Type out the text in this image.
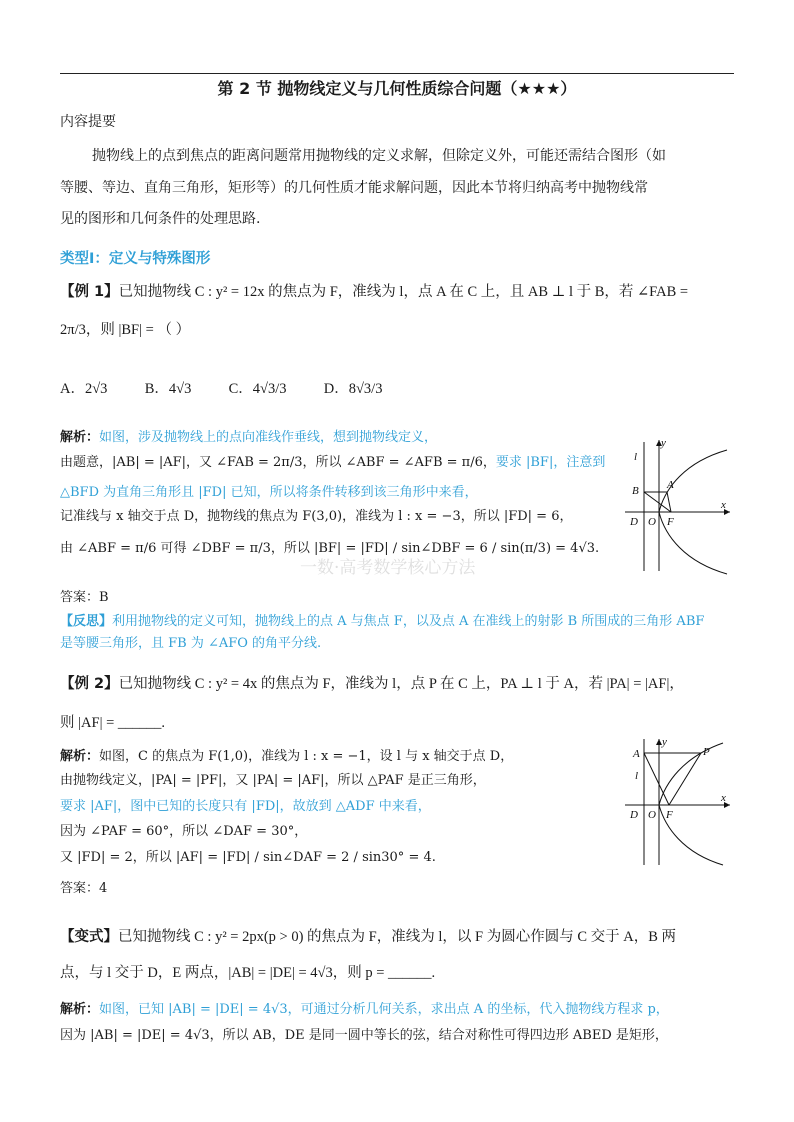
第 2 节 抛物线定义与几何性质综合问题（★★★）
内容提要
抛物线上的点到焦点的距离问题常用抛物线的定义求解，但除定义外，可能还需结合图形（如
等腰、等边、直角三角形，矩形等）的几何性质才能求解问题，因此本节将归纳高考中抛物线常
见的图形和几何条件的处理思路.
类型Ⅰ：定义与特殊图形
【例 1】已知抛物线 C : y² = 12x 的焦点为 F，准线为 l，点 A 在 C 上，且 AB ⊥ l 于 B，若 ∠FAB =
2π/3，则 |BF| = （ ）
A．2√3	B．4√3	C．4√3/3	D．8√3/3
解析：如图，涉及抛物线上的点向准线作垂线，想到抛物线定义，
由题意，|AB| = |AF|，又 ∠FAB = 2π/3，所以 ∠ABF = ∠AFB = π/6，要求 |BF|，注意到
△BFD 为直角三角形且 |FD| 已知，所以将条件转移到该三角形中来看，
记准线与 x 轴交于点 D，抛物线的焦点为 F(3,0)，准线为 l : x = −3，所以 |FD| = 6，
由 ∠ABF = π/6 可得 ∠DBF = π/3，所以 |BF| = |FD| / sin∠DBF = 6 / sin(π/3) = 4√3.
一数·高考数学核心方法
答案：B
【反思】利用抛物线的定义可知，抛物线上的点 A 与焦点 F，以及点 A 在准线上的射影 B 所围成的三角形 ABF
是等腰三角形，且 FB 为 ∠AFO 的角平分线.
y
l
B	A
D O F
x
【例 2】已知抛物线 C : y² = 4x 的焦点为 F，准线为 l，点 P 在 C 上，PA ⊥ l 于 A，若 |PA| = |AF|，
则 |AF| = ______.
解析：如图，C 的焦点为 F(1,0)，准线为 l : x = −1，设 l 与 x 轴交于点 D，
由抛物线定义，|PA| = |PF|，又 |PA| = |AF|，所以 △PAF 是正三角形，
要求 |AF|，图中已知的长度只有 |FD|，故放到 △ADF 中来看，
因为 ∠PAF = 60°，所以 ∠DAF = 30°，
又 |FD| = 2，所以 |AF| = |FD| / sin∠DAF = 2 / sin30° = 4.
答案：4
A
y
P
l
D O F
x
【变式】已知抛物线 C : y² = 2px(p > 0) 的焦点为 F，准线为 l，以 F 为圆心作圆与 C 交于 A，B 两
点，与 l 交于 D，E 两点，|AB| = |DE| = 4√3，则 p = ______.
解析：如图，已知 |AB| = |DE| = 4√3，可通过分析几何关系，求出点 A 的坐标，代入抛物线方程求 p，
因为 |AB| = |DE| = 4√3，所以 AB，DE 是同一圆中等长的弦，结合对称性可得四边形 ABED 是矩形，
